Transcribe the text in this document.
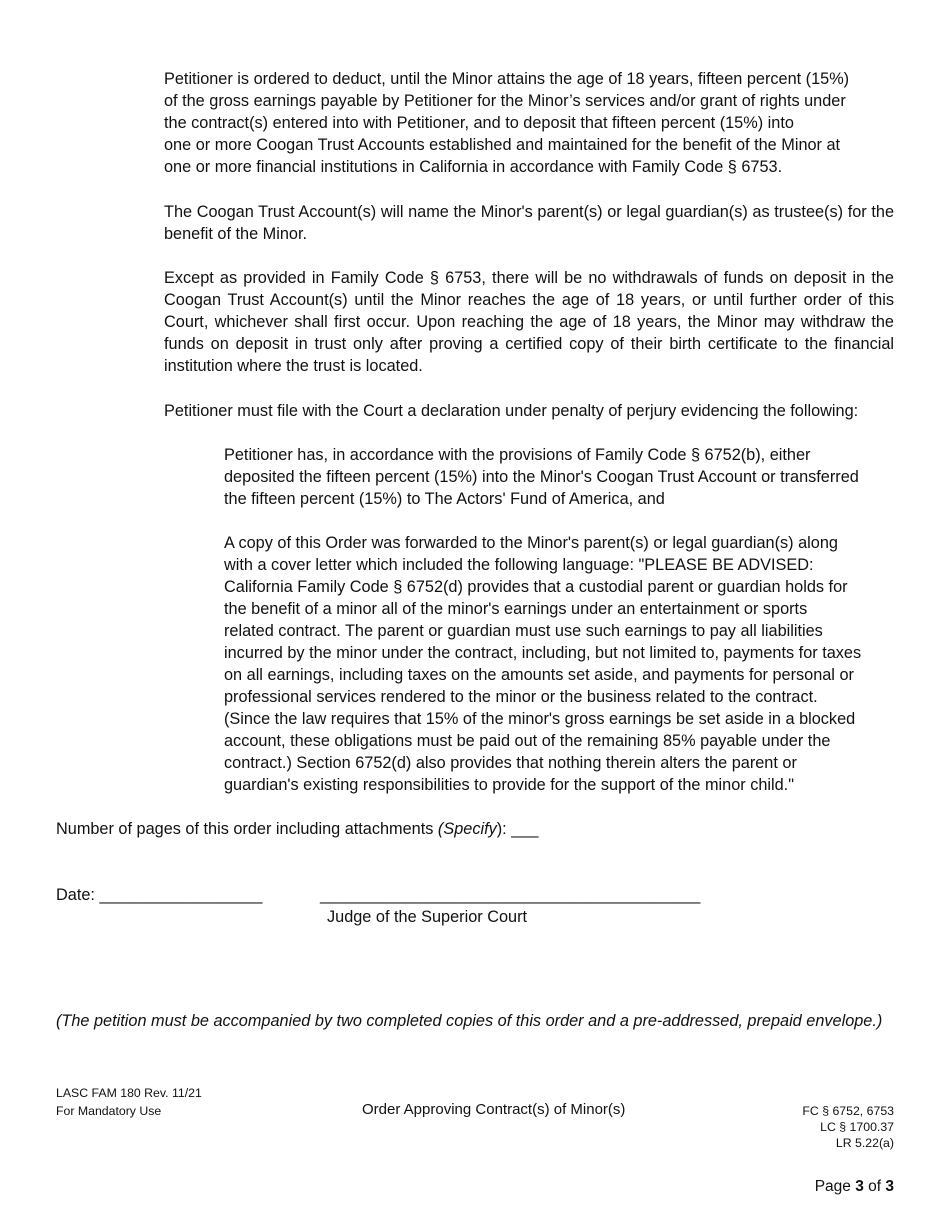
Petitioner is ordered to deduct, until the Minor attains the age of 18 years, fifteen percent (15%)
of the gross earnings payable by Petitioner for the Minor’s services and/or grant of rights under
the contract(s) entered into with Petitioner, and to deposit that fifteen percent (15%) into
one or more Coogan Trust Accounts established and maintained for the benefit of the Minor at
one or more financial institutions in California in accordance with Family Code § 6753.

The Coogan Trust Account(s) will name the Minor's parent(s) or legal guardian(s) as trustee(s) for the benefit of the Minor.

Except as provided in Family Code § 6753, there will be no withdrawals of funds on deposit in the Coogan Trust Account(s) until the Minor reaches the age of 18 years, or until further order of this Court, whichever shall first occur. Upon reaching the age of 18 years, the Minor may withdraw the funds on deposit in trust only after proving a certified copy of their birth certificate to the financial institution where the trust is located.

Petitioner must file with the Court a declaration under penalty of perjury evidencing the following:

Petitioner has, in accordance with the provisions of Family Code § 6752(b), either
deposited the fifteen percent (15%) into the Minor's Coogan Trust Account or transferred
the fifteen percent (15%) to The Actors' Fund of America, and
A copy of this Order was forwarded to the Minor's parent(s) or legal guardian(s) along
with a cover letter which included the following language: "PLEASE BE ADVISED:
California Family Code § 6752(d) provides that a custodial parent or guardian holds for
the benefit of a minor all of the minor's earnings under an entertainment or sports
related contract. The parent or guardian must use such earnings to pay all liabilities
incurred by the minor under the contract, including, but not limited to, payments for taxes
on all earnings, including taxes on the amounts set aside, and payments for personal or
professional services rendered to the minor or the business related to the contract.
(Since the law requires that 15% of the minor's gross earnings be set aside in a blocked
account, these obligations must be paid out of the remaining 85% payable under the
contract.) Section 6752(d) also provides that nothing therein alters the parent or
guardian's existing responsibilities to provide for the support of the minor child."
Number of pages of this order including attachments (Specify): ___
Date: __________________	__________________________________________
Judge of the Superior Court

(The petition must be accompanied by two completed copies of this order and a pre-addressed, prepaid envelope.)

LASC FAM 180 Rev. 11/21
For Mandatory Use	Order Approving Contract(s) of Minor(s)	FC § 6752, 6753
LC § 1700.37
LR 5.22(a)
Page 3 of 3
